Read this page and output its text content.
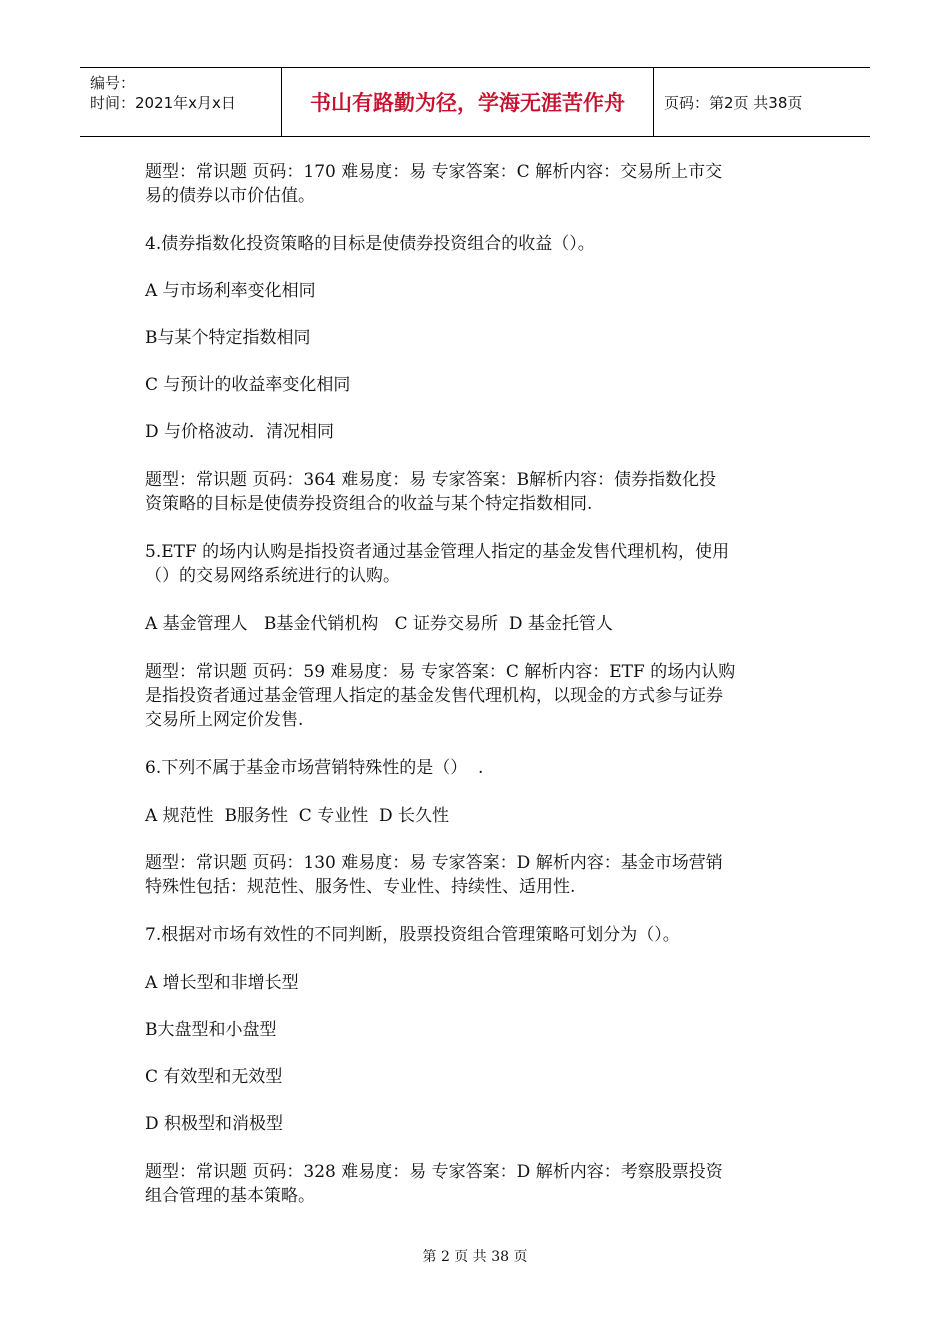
编号：
时间：2021年x月x日	书山有路勤为径，学海无涯苦作舟	页码：第2页 共38页

题型：常识题 页码：170 难易度：易 专家答案：C 解析内容：交易所上市交

易的债券以市价估值。

4.债券指数化投资策略的目标是使债券投资组合的收益（）。

A 与市场利率变化相同

B与某个特定指数相同

C 与预计的收益率变化相同

D 与价格波动．清况相同

题型：常识题 页码：364 难易度：易 专家答案：B解析内容：债券指数化投

资策略的目标是使债券投资组合的收益与某个特定指数相同.

5.ETF 的场内认购是指投资者通过基金管理人指定的基金发售代理机构，使用

（）的交易网络系统进行的认购。

A 基金管理人   B基金代销机构   C 证券交易所  D 基金托管人

题型：常识题 页码：59 难易度：易 专家答案：C 解析内容：ETF 的场内认购

是指投资者通过基金管理人指定的基金发售代理机构，以现金的方式参与证券

交易所上网定价发售.

6.下列不属于基金市场营销特殊性的是（）  .

A 规范性  B服务性  C 专业性  D 长久性

题型：常识题 页码：130 难易度：易 专家答案：D 解析内容：基金市场营销

特殊性包括：规范性、服务性、专业性、持续性、适用性.

7.根据对市场有效性的不同判断，股票投资组合管理策略可划分为（）。

A 增长型和非增长型

B大盘型和小盘型

C 有效型和无效型

D 积极型和消极型

题型：常识题 页码：328 难易度：易 专家答案：D 解析内容：考察股票投资

组合管理的基本策略。

第 2 页 共 38 页
